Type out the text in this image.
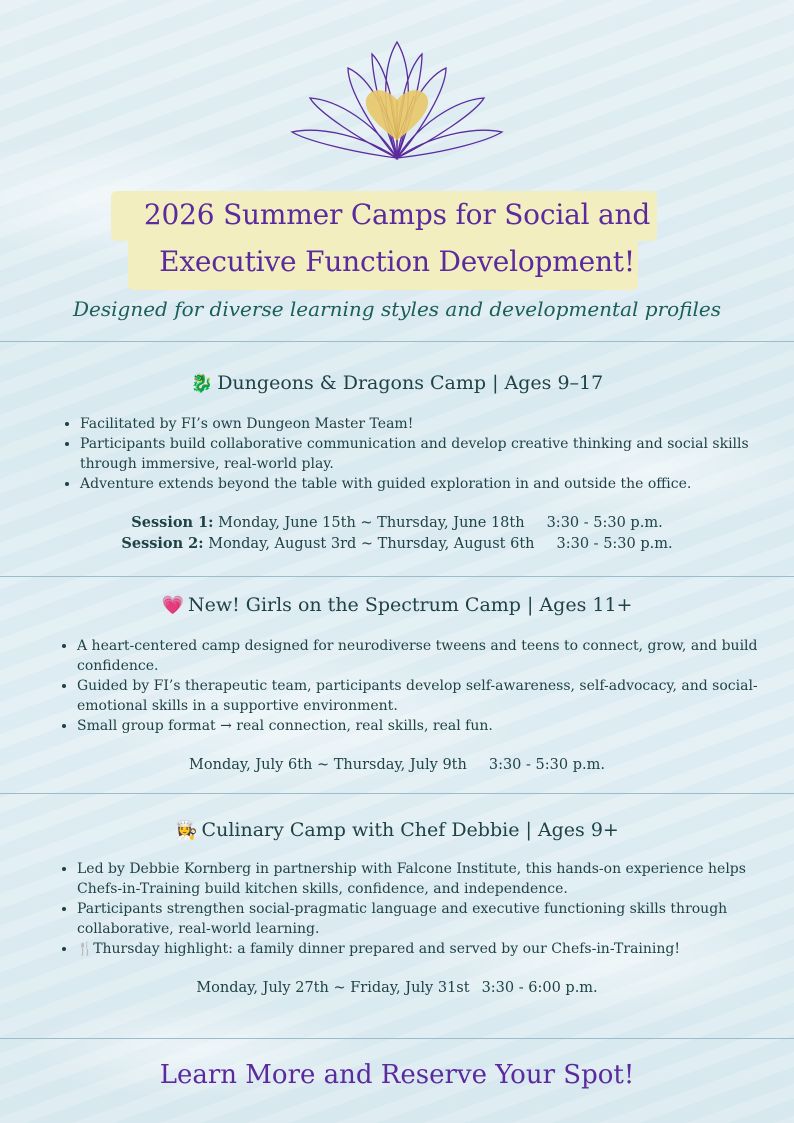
2026 Summer Camps for Social and
Executive Function Development!
Designed for diverse learning styles and developmental profiles
🐉 Dungeons & Dragons Camp | Ages 9–17
• Facilitated by FI’s own Dungeon Master Team!
• Participants build collaborative communication and develop creative thinking and social skills through immersive, real-world play.
• Adventure extends beyond the table with guided exploration in and outside the office.
Session 1: Monday, June 15th ~ Thursday, June 18th 3:30 - 5:30 p.m.
Session 2: Monday, August 3rd ~ Thursday, August 6th 3:30 - 5:30 p.m.
💗 New! Girls on the Spectrum Camp | Ages 11+
• A heart-centered camp designed for neurodiverse tweens and teens to connect, grow, and build confidence.
• Guided by FI’s therapeutic team, participants develop self-awareness, self-advocacy, and social-emotional skills in a supportive environment.
• Small group format → real connection, real skills, real fun.
Monday, July 6th ~ Thursday, July 9th 3:30 - 5:30 p.m.
👩‍🍳 Culinary Camp with Chef Debbie | Ages 9+
• Led by Debbie Kornberg in partnership with Falcone Institute, this hands-on experience helps Chefs-in-Training build kitchen skills, confidence, and independence.
• Participants strengthen social-pragmatic language and executive functioning skills through collaborative, real-world learning.
• 🍴Thursday highlight: a family dinner prepared and served by our Chefs-in-Training!
Monday, July 27th ~ Friday, July 31st 3:30 - 6:00 p.m.
Learn More and Reserve Your Spot!
